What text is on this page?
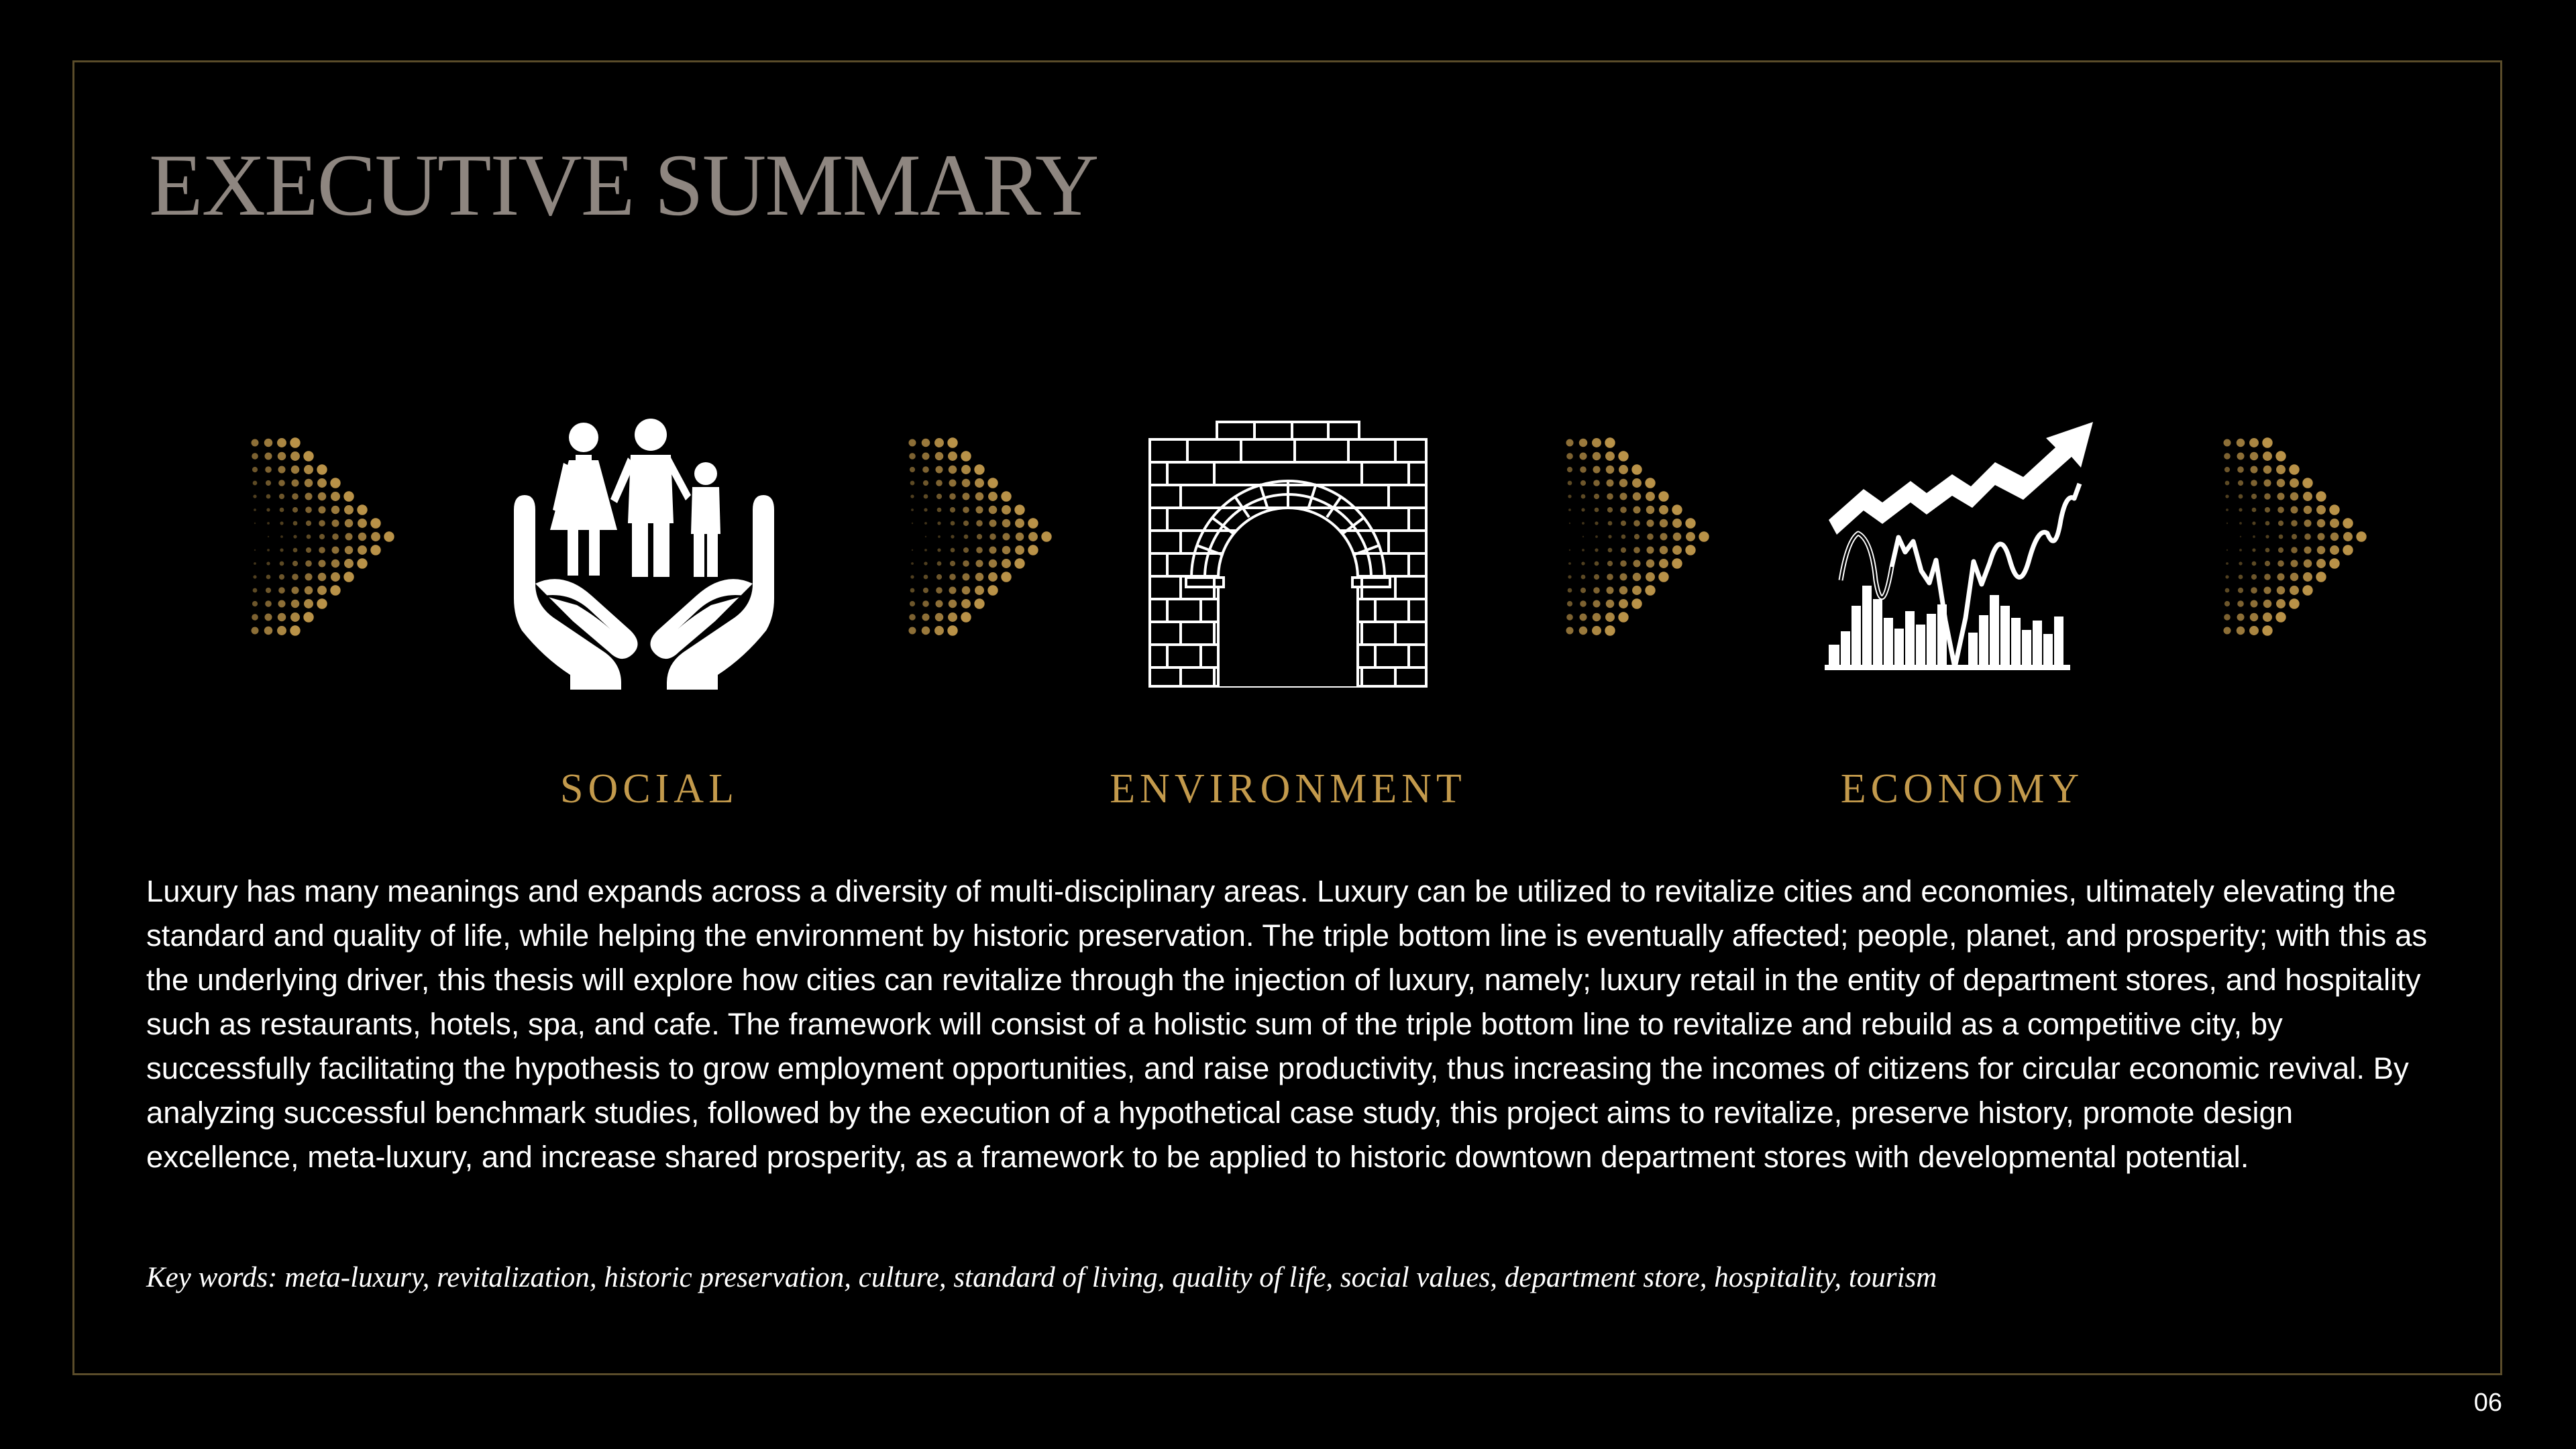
EXECUTIVE SUMMARY
SOCIAL	ENVIRONMENT	ECONOMY
Luxury has many meanings and expands across a diversity of multi-disciplinary areas. Luxury can be utilized to revitalize cities and economies, ultimately elevating the standard and quality of life, while helping the environment by historic preservation. The triple bottom line is eventually affected; people, planet, and prosperity; with this as the underlying driver, this thesis will explore how cities can revitalize through the injection of luxury, namely; luxury retail in the entity of department stores, and hospitality such as restaurants, hotels, spa, and cafe. The framework will consist of a holistic sum of the triple bottom line to revitalize and rebuild as a competitive city, by successfully facilitating the hypothesis to grow employment opportunities, and raise productivity, thus increasing the incomes of citizens for circular economic revival. By analyzing successful benchmark studies, followed by the execution of a hypothetical case study, this project aims to revitalize, preserve history, promote design excellence, meta-luxury, and increase shared prosperity, as a framework to be applied to historic downtown department stores with developmental potential.
Key words: meta-luxury, revitalization, historic preservation, culture, standard of living, quality of life, social values, department store, hospitality, tourism
06
